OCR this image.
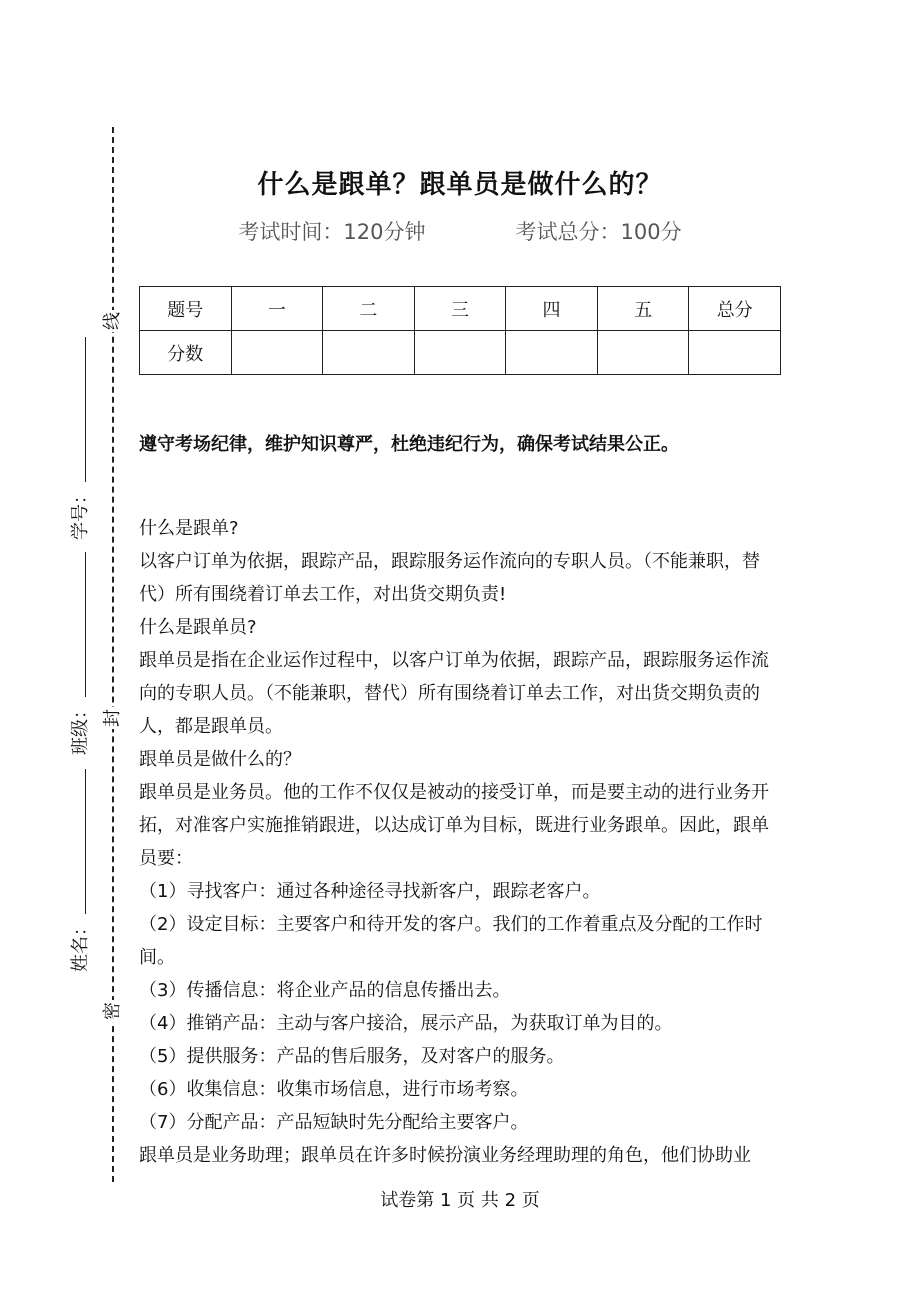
线
封
密
学号：
班级：
姓名：
什么是跟单？跟单员是做什么的？
考试时间：120分钟	考试总分：100分
题号	一	二	三	四	五	总分
分数						
遵守考场纪律，维护知识尊严，杜绝违纪行为，确保考试结果公正。

什么是跟单?

以客户订单为依据，跟踪产品，跟踪服务运作流向的专职人员。（不能兼职，替代）所有围绕着订单去工作，对出货交期负责!

什么是跟单员?

跟单员是指在企业运作过程中，以客户订单为依据，跟踪产品，跟踪服务运作流向的专职人员。（不能兼职，替代）所有围绕着订单去工作，对出货交期负责的人，都是跟单员。

跟单员是做什么的？

跟单员是业务员。他的工作不仅仅是被动的接受订单，而是要主动的进行业务开拓，对准客户实施推销跟进，以达成订单为目标，既进行业务跟单。因此，跟单员要：

（1）寻找客户：通过各种途径寻找新客户，跟踪老客户。

（2）设定目标：主要客户和待开发的客户。我们的工作着重点及分配的工作时间。

（3）传播信息：将企业产品的信息传播出去。

（4）推销产品：主动与客户接洽，展示产品，为获取订单为目的。

（5）提供服务：产品的售后服务，及对客户的服务。

（6）收集信息：收集市场信息，进行市场考察。

（7）分配产品：产品短缺时先分配给主要客户。

跟单员是业务助理；跟单员在许多时候扮演业务经理助理的角色，他们协助业

试卷第 1 页 共 2 页
